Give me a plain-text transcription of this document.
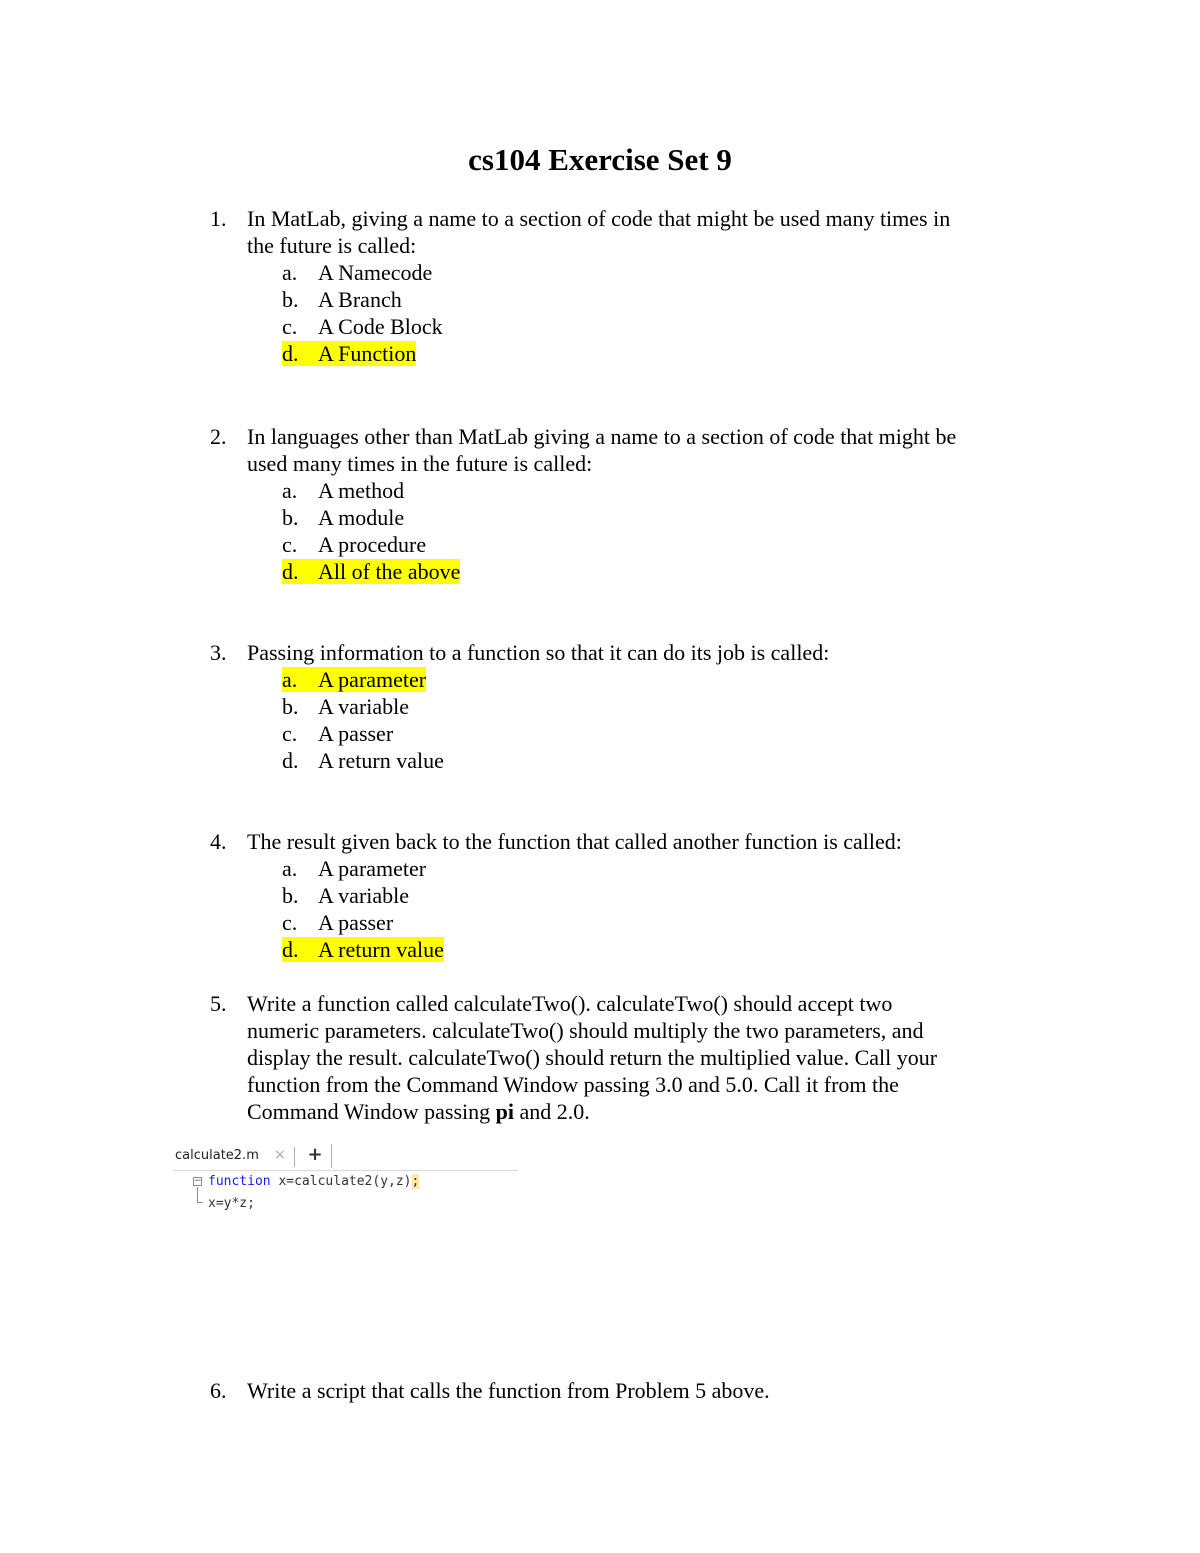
cs104 Exercise Set 9
1. In MatLab, giving a name to a section of code that might be used many times in
the future is called:
a. A Namecode
b. A Branch
c. A Code Block
d. A Function
2. In languages other than MatLab giving a name to a section of code that might be
used many times in the future is called:
a. A method
b. A module
c. A procedure
d. All of the above
3. Passing information to a function so that it can do its job is called:
a. A parameter
b. A variable
c. A passer
d. A return value
4. The result given back to the function that called another function is called:
a. A parameter
b. A variable
c. A passer
d. A return value
5. Write a function called calculateTwo(). calculateTwo() should accept two
numeric parameters. calculateTwo() should multiply the two parameters, and
display the result. calculateTwo() should return the multiplied value. Call your
function from the Command Window passing 3.0 and 5.0. Call it from the
Command Window passing pi and 2.0.
calculate2.m ×	+
− function x=calculate2(y,z);
x=y*z;
6. Write a script that calls the function from Problem 5 above.
